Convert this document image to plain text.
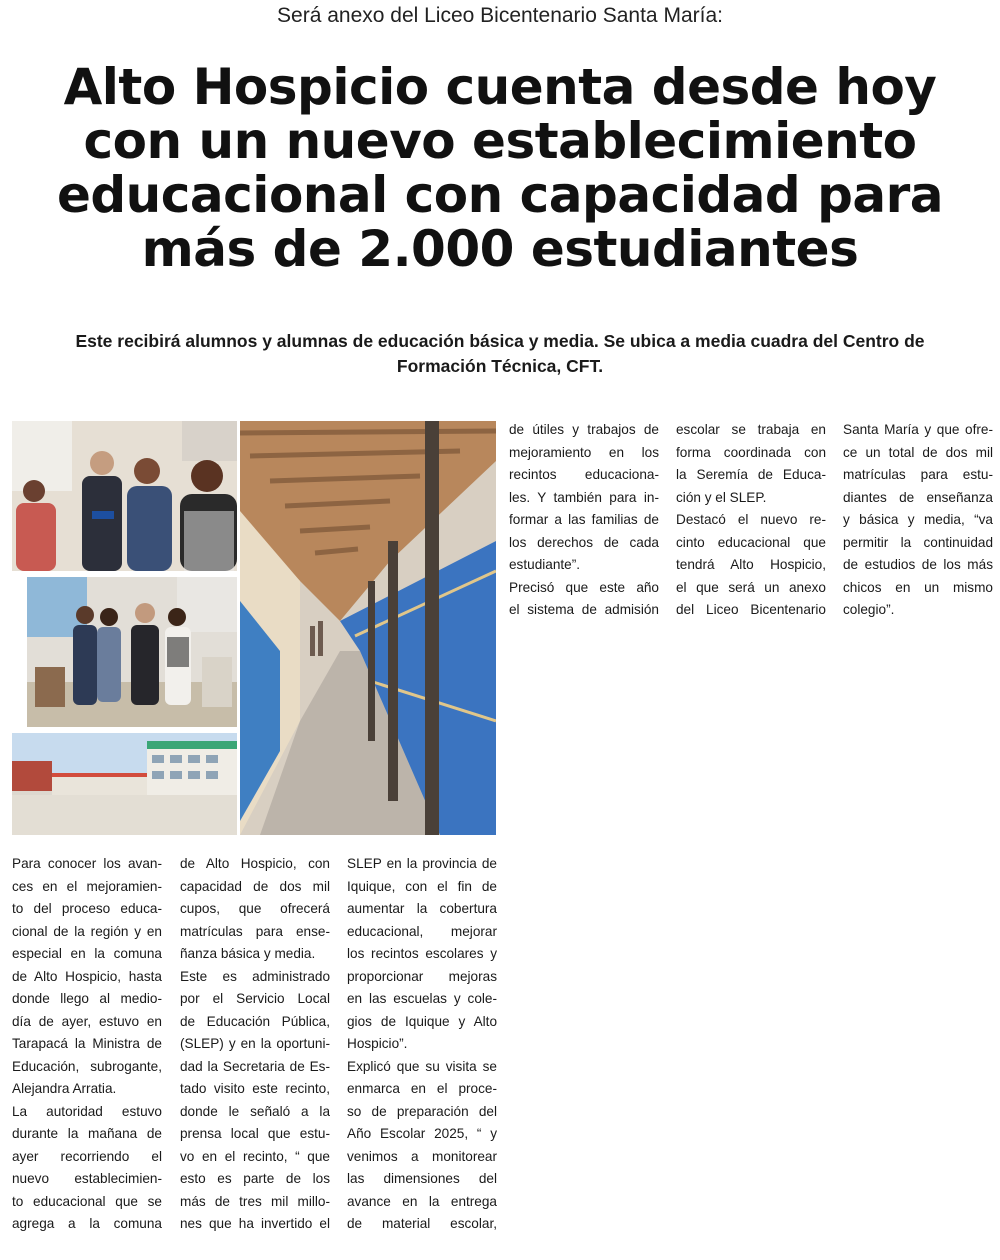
Será anexo del Liceo Bicentenario Santa María:
Alto Hospicio cuenta desde hoy
con un nuevo establecimiento
educacional con capacidad para
más de 2.000 estudiantes
Este recibirá alumnos y alumnas de educación básica y media. Se ubica a media cuadra del Centro de
Formación Técnica, CFT.
de útiles y trabajos de
mejoramiento en los
recintos educaciona-
les. Y también para in-
formar a las familias de
los derechos de cada
estudiante”.
Precisó que este año
el sistema de admisión
escolar se trabaja en
forma coordinada con
la Seremía de Educa-
ción y el SLEP.
Destacó el nuevo re-
cinto educacional que
tendrá Alto Hospicio,
el que será un anexo
del Liceo Bicentenario
Santa María y que ofre-
ce un total de dos mil
matrículas para estu-
diantes de enseñanza
y básica y media, “va
permitir la continuidad
de estudios de los más
chicos en un mismo
colegio”.
Para conocer los avan-
ces en el mejoramien-
to del proceso educa-
cional de la región y en
especial en la comuna
de Alto Hospicio, hasta
donde llego al medio-
día de ayer, estuvo en
Tarapacá la Ministra de
Educación, subrogante,
Alejandra Arratia.
La autoridad estuvo
durante la mañana de
ayer recorriendo el
nuevo establecimien-
to educacional que se
agrega a la comuna
de Alto Hospicio, con
capacidad de dos mil
cupos, que ofrecerá
matrículas para ense-
ñanza básica y media.
Este es administrado
por el Servicio Local
de Educación Pública,
(SLEP) y en la oportuni-
dad la Secretaria de Es-
tado visito este recinto,
donde le señaló a la
prensa local que estu-
vo en el recinto, “ que
esto es parte de los
más de tres mil millo-
nes que ha invertido el
SLEP en la provincia de
Iquique, con el fin de
aumentar la cobertura
educacional, mejorar
los recintos escolares y
proporcionar mejoras
en las escuelas y cole-
gios de Iquique y Alto
Hospicio”.
Explicó que su visita se
enmarca en el proce-
so de preparación del
Año Escolar 2025, “ y
venimos a monitorear
las dimensiones del
avance en la entrega
de material escolar,
